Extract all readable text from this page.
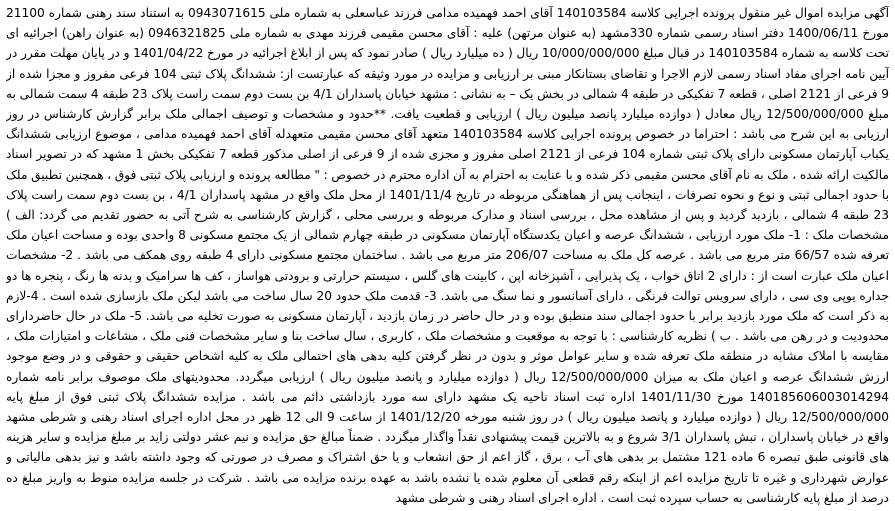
آگهی مزایده اموال غیر منقول پرونده اجرایی کلاسه 140103584 آقای احمد فهمیده مدامی فرزند عباسعلی به شماره ملی 0943071615 به استناد سند رهنی شماره 21100 مورخ 1400/06/11 دفتر اسناد رسمی شماره 330مشهد (به عنوان مرتهن) علیه : آقای محسن مقیمی فرزند مهدی به شماره ملی 0946321825 (به عنوان راهن) اجرائیه ای تحت کلاسه به شماره 140103584 در قبال مبلغ 10/000/000/000 ریال ( ده میلیارد ریال ) صادر نمود که پس از ابلاغ اجرائیه در مورخ 1401/04/22 و در پایان مهلت مقرر در آیین نامه اجرای مفاد اسناد رسمی لازم الاجرا و تقاضای بستانکار مبنی بر ارزیابی و مزایده در مورد وثیقه که عبارتست از: ششدانگ پلاک ثبتی 104 فرعی مفروز و مجزا شده از 9 فرعی از 2121 اصلی ، قطعه 7 تفکیکی در طبقه 4 شمالی در بخش یک – به نشانی : مشهد خیابان پاسداران 4/1 بن بست دوم سمت راست پلاک 23 طبقه 4 سمت شمالی به مبلغ 12/500/000/000 ریال معادل ( دوازده میلیارد پانصد میلیون ریال ) ارزیابی و قطعیت یافت. **حدود و مشخصات و توصیف اجمالی ملک برابر گزارش کارشناس در روز ارزیابی به این شرح می باشد : احتراما در خصوص پرونده اجرایی کلاسه 140103584 متعهد آقای محسن مقیمی متعهدله آقای احمد فهمیده مدامی ، موضوع ارزیابی ششدانگ یکباب آپارتمان مسکونی دارای پلاک ثبتی شماره 104 فرعی از 2121 اصلی مفروز و مجزی شده از 9 فرعی از اصلی مذکور قطعه 7 تفکیکی بخش 1 مشهد که در تصویر اسناد مالکیت ارائه شده ، ملک به نام آقای محسن مقیمی ذکر شده و با عنایت به احترام به آن اداره محترم در خصوص : " مطالعه پرونده و ارزیابی پلاک ثبتی فوق ، همچنین تطبیق ملک با حدود اجمالی ثبتی و نوع و نحوه تصرفات ، اینجانب پس از هماهنگی مربوطه در تاریخ 1401/11/4 از محل ملک واقع در مشهد پاسداران 4/1 ، بن بست دوم سمت راست پلاک 23 طبقه 4 شمالی ، بازدید گردید و پس از مشاهده محل ، بررسی اسناد و مدارک مربوطه و بررسی محلی ، گزارش کارشناسی به شرح آتی به حضور تقدیم می گردد: الف ) مشخصات ملک : 1- ملک مورد ارزیابی ، ششدانگ عرصه و اعیان یکدستگاه آپارتمان مسکونی در طبقه چهارم شمالی از یک مجتمع مسکونی 8 واحدی بوده و مساحت اعیان ملک تعرفه شده 66/57 متر مربع می باشد . عرصه کل ملک به مساحت 206/07 متر مربع می باشد . ساختمان مجتمع مسکونی دارای 4 طبقه روی همکف می باشد . 2- مشخصات اعیان ملک عبارت است از : دارای 2 اتاق خواب ، یک پذیرایی ، آشپزخانه اپن ، کابینت های گلس ، سیستم حرارتی و برودتی هواساز ، کف ها سرامیک و بدنه ها رنگ ، پنجره ها دو جداره یوپی وی سی ، دارای سرویس توالت فرنگی ، دارای آسانسور و نما سنگ می باشد. 3- قدمت ملک حدود 20 سال ساخت می باشد لیکن ملک بازسازی شده است . 4-لازم به ذکر است که ملک مورد بازدید برابر با حدود اجمالی سند منطبق بوده و در حال حاضر در زمان بازدید ، آپارتمان مسکونی به صورت تخلیه می باشد. 5- ملک در حال حاضردارای محدودیت و در رهن می باشد . ب ) نظریه کارشناسی : با توجه به موقعیت و مشخصات ملک ، کاربری ، سال ساخت بنا و سایر مشخصات فنی ملک ، مشاعات و امتیازات ملک ، مقایسه با املاک مشابه در منطقه ملک تعرفه شده و سایر عوامل موثر و بدون در نظر گرفتن کلیه بدهی های احتمالی ملک به کلیه اشخاص حقیقی و حقوقی و در وضع موجود ارزش ششدانگ عرصه و اعیان ملک به میزان 12/500/000/000 ریال ( دوازده میلیارد و پانصد میلیون ریال ) ارزیابی میگردد. محدودیتهای ملک موصوف برابر نامه شماره 140185606003014294 مورخ 1401/11/30 اداره ثبت اسناد ناحیه یک مشهد دارای سه مورد بازداشتی دائم می باشد . مزایده ششدانگ پلاک ثبتی فوق از مبلغ پایه 12/500/000/000 ریال ( دوازده میلیارد و پانصد میلیون ریال ) در روز شنبه مورخه 1401/12/20 از ساعت 9 الی 12 ظهر در محل اداره اجرای اسناد رهنی و شرطی مشهد واقع در خیابان پاسداران ، نبش پاسداران 3/1 شروع و به بالاترین قیمت پیشنهادی نقداً واگذار میگردد . ضمناً مبالغ حق مزایده و نیم عشر دولتی زاید بر مبلغ مزایده و سایر هزینه های قانونی طبق تبصره 6 ماده 121 مشتمل بر بدهی های آب ، برق ، گاز اعم از حق انشعاب و یا حق اشتراک و مصرف در صورتی که وجود داشته باشد و نیز بدهی مالیاتی و عوارض شهرداری و غیره تا تاریخ مزایده اعم از اینکه رقم قطعی آن معلوم شده یا نشده باشد به عهده برنده مزایده می باشد . شرکت در جلسه مزایده منوط به واریز مبلغ ده درصد از مبلغ پایه کارشناسی به حساب سپرده ثبت است . اداره اجرای اسناد رهنی و شرطی مشهد
